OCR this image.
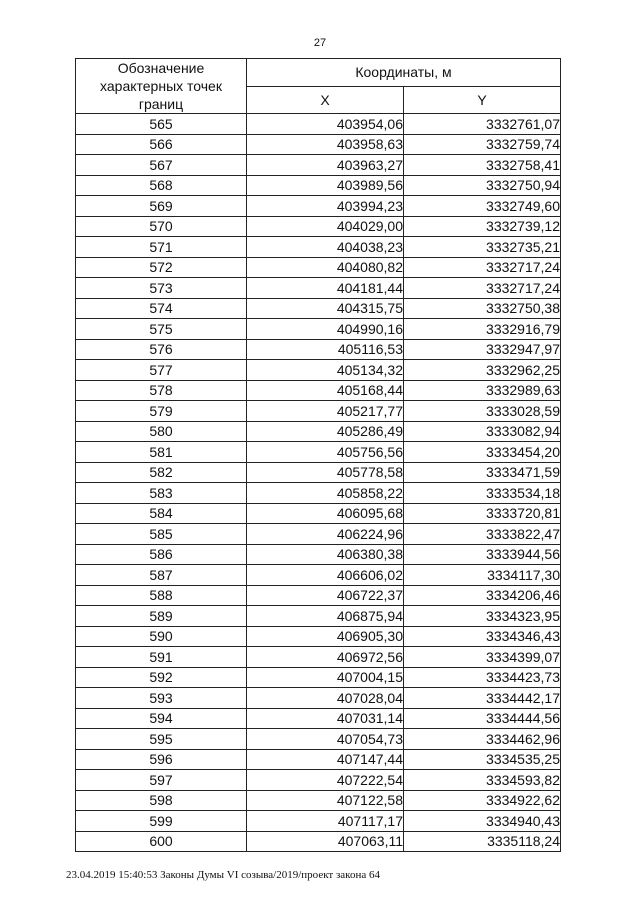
27
Обозначение характерных точек границ	Координаты, м	
	X	Y
565	403954,06	3332761,07
566	403958,63	3332759,74
567	403963,27	3332758,41
568	403989,56	3332750,94
569	403994,23	3332749,60
570	404029,00	3332739,12
571	404038,23	3332735,21
572	404080,82	3332717,24
573	404181,44	3332717,24
574	404315,75	3332750,38
575	404990,16	3332916,79
576	405116,53	3332947,97
577	405134,32	3332962,25
578	405168,44	3332989,63
579	405217,77	3333028,59
580	405286,49	3333082,94
581	405756,56	3333454,20
582	405778,58	3333471,59
583	405858,22	3333534,18
584	406095,68	3333720,81
585	406224,96	3333822,47
586	406380,38	3333944,56
587	406606,02	3334117,30
588	406722,37	3334206,46
589	406875,94	3334323,95
590	406905,30	3334346,43
591	406972,56	3334399,07
592	407004,15	3334423,73
593	407028,04	3334442,17
594	407031,14	3334444,56
595	407054,73	3334462,96
596	407147,44	3334535,25
597	407222,54	3334593,82
598	407122,58	3334922,62
599	407117,17	3334940,43
600	407063,11	3335118,24
23.04.2019 15:40:53 Законы Думы VI созыва/2019/проект закона 64
